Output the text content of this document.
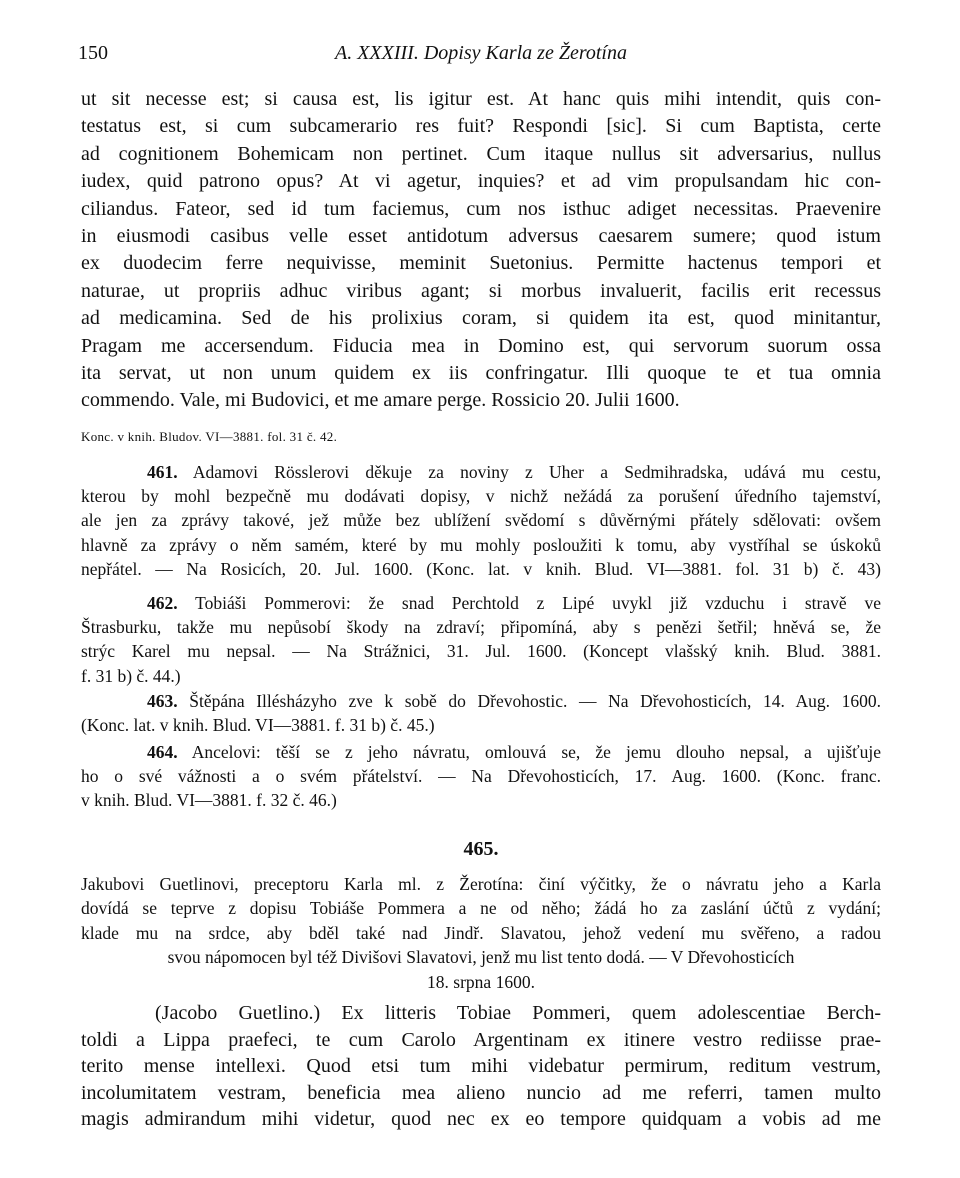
150	A. XXXIII. Dopisy Karla ze Žerotína
ut sit necesse est; si causa est, lis igitur est. At hanc quis mihi intendit, quis con-
testatus est, si cum subcamerario res fuit? Respondi [sic]. Si cum Baptista, certe
ad cognitionem Bohemicam non pertinet. Cum itaque nullus sit adversarius, nullus
iudex, quid patrono opus? At vi agetur, inquies? et ad vim propulsandam hic con-
ciliandus. Fateor, sed id tum faciemus, cum nos isthuc adiget necessitas. Praevenire
in eiusmodi casibus velle esset antidotum adversus caesarem sumere; quod istum
ex duodecim ferre nequivisse, meminit Suetonius. Permitte hactenus tempori et
naturae, ut propriis adhuc viribus agant; si morbus invaluerit, facilis erit recessus
ad medicamina. Sed de his prolixius coram, si quidem ita est, quod minitantur,
Pragam me accersendum. Fiducia mea in Domino est, qui servorum suorum ossa
ita servat, ut non unum quidem ex iis confringatur. Illi quoque te et tua omnia
commendo. Vale, mi Budovici, et me amare perge. Rossicio 20. Julii 1600.
Konc. v knih. Bludov. VI—3881. fol. 31 č. 42.
461. Adamovi Rösslerovi děkuje za noviny z Uher a Sedmihradska, udává mu cestu,
kterou by mohl bezpečně mu dodávati dopisy, v nichž nežádá za porušení úředního tajemství,
ale jen za zprávy takové, jež může bez ublížení svědomí s důvěrnými přátely sdělovati: ovšem
hlavně za zprávy o něm samém, které by mu mohly posloužiti k tomu, aby vystříhal se úskoků
nepřátel. — Na Rosicích, 20. Jul. 1600. (Konc. lat. v knih. Blud. VI—3881. fol. 31 b) č. 43)
462. Tobiáši Pommerovi: že snad Perchtold z Lipé uvykl již vzduchu i stravě ve
Štrasburku, takže mu nepůsobí škody na zdraví; připomíná, aby s penězi šetřil; hněvá se, že
strýc Karel mu nepsal. — Na Strážnici, 31. Jul. 1600. (Koncept vlašský knih. Blud. 3881.
f. 31 b) č. 44.)
463. Štěpána Illésházyho zve k sobě do Dřevohostic. — Na Dřevohosticích, 14. Aug. 1600.
(Konc. lat. v knih. Blud. VI—3881. f. 31 b) č. 45.)
464. Ancelovi: těší se z jeho návratu, omlouvá se, že jemu dlouho nepsal, a ujišťuje
ho o své vážnosti a o svém přátelství. — Na Dřevohosticích, 17. Aug. 1600. (Konc. franc.
v knih. Blud. VI—3881. f. 32 č. 46.)
465.
Jakubovi Guetlinovi, preceptoru Karla ml. z Žerotína: činí výčitky, že o návratu jeho a Karla
dovídá se teprve z dopisu Tobiáše Pommera a ne od něho; žádá ho za zaslání účtů z vydání;
klade mu na srdce, aby bděl také nad Jindř. Slavatou, jehož vedení mu svěřeno, a radou
svou nápomocen byl též Divišovi Slavatovi, jenž mu list tento dodá. — V Dřevohosticích
18. srpna 1600.
(Jacobo Guetlino.) Ex litteris Tobiae Pommeri, quem adolescentiae Berch-
toldi a Lippa praefeci, te cum Carolo Argentinam ex itinere vestro rediisse prae-
terito mense intellexi. Quod etsi tum mihi videbatur permirum, reditum vestrum,
incolumitatem vestram, beneficia mea alieno nuncio ad me referri, tamen multo
magis admirandum mihi videtur, quod nec ex eo tempore quidquam a vobis ad me
